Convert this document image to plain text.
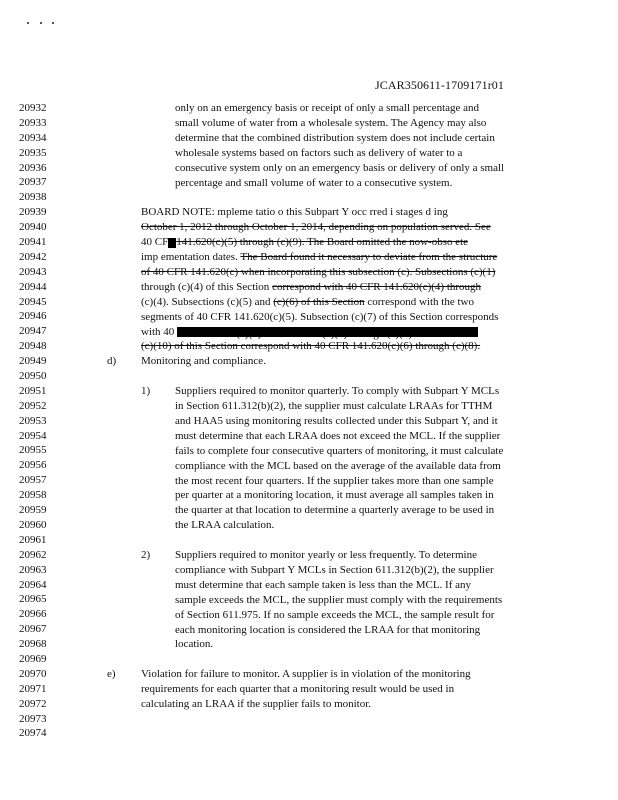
JCAR350611-1709171r01
20932
20933
20934
20935
20936
20937
20938
20939
20940
20941
20942
20943
20944
20945
20946
20947
20948
20949
20950
20951
20952
20953
20954
20955
20956
20957
20958
20959
20960
20961
20962
20963
20964
20965
20966
20967
20968
20969
20970
20971
20972
20973
20974
only on an emergency basis or receipt of only a small percentage and
small volume of water from a wholesale system. The Agency may also
determine that the combined distribution system does not include certain
wholesale systems based on factors such as delivery of water to a
consecutive system only on an emergency basis or delivery of only a small
percentage and small volume of water to a consecutive system.
BOARD NOTE: mpleme tatio o this Subpart Y occ rred i stages d ing
October 1, 2012 through October 1, 2014, depending on population served. See
40 CF 141.620(c)(5) through (c)(9). The Board omitted the now-obso ete
imp ementation dates. The Board found it necessary to deviate from the structure
of 40 CFR 141.620(c) when incorporating this subsection (c). Subsections (c)(1)
through (c)(4) of this Section correspond with 40 CFR 141.620(c)(4) through
(c)(4). Subsections (c)(5) and (c)(6) of this Section correspond with the two
segments of 40 CFR 141.620(c)(5). Subsection (c)(7) of this Section corresponds
with 40 CFR 141.620(c)(6). Subsections (c)(8) through (c)(9) of this Section
(c)(10) of this Section correspond with 40 CFR 141.620(c)(6) through (c)(8).
d) Monitoring and compliance.
1) Suppliers required to monitor quarterly. To comply with Subpart Y MCLs
in Section 611.312(b)(2), the supplier must calculate LRAAs for TTHM
and HAA5 using monitoring results collected under this Subpart Y, and it
must determine that each LRAA does not exceed the MCL. If the supplier
fails to complete four consecutive quarters of monitoring, it must calculate
compliance with the MCL based on the average of the available data from
the most recent four quarters. If the supplier takes more than one sample
per quarter at a monitoring location, it must average all samples taken in
the quarter at that location to determine a quarterly average to be used in
the LRAA calculation.
2) Suppliers required to monitor yearly or less frequently. To determine
compliance with Subpart Y MCLs in Section 611.312(b)(2), the supplier
must determine that each sample taken is less than the MCL. If any
sample exceeds the MCL, the supplier must comply with the requirements
of Section 611.975. If no sample exceeds the MCL, the sample result for
each monitoring location is considered the LRAA for that monitoring
location.
e) Violation for failure to monitor. A supplier is in violation of the monitoring
requirements for each quarter that a monitoring result would be used in
calculating an LRAA if the supplier fails to monitor.
